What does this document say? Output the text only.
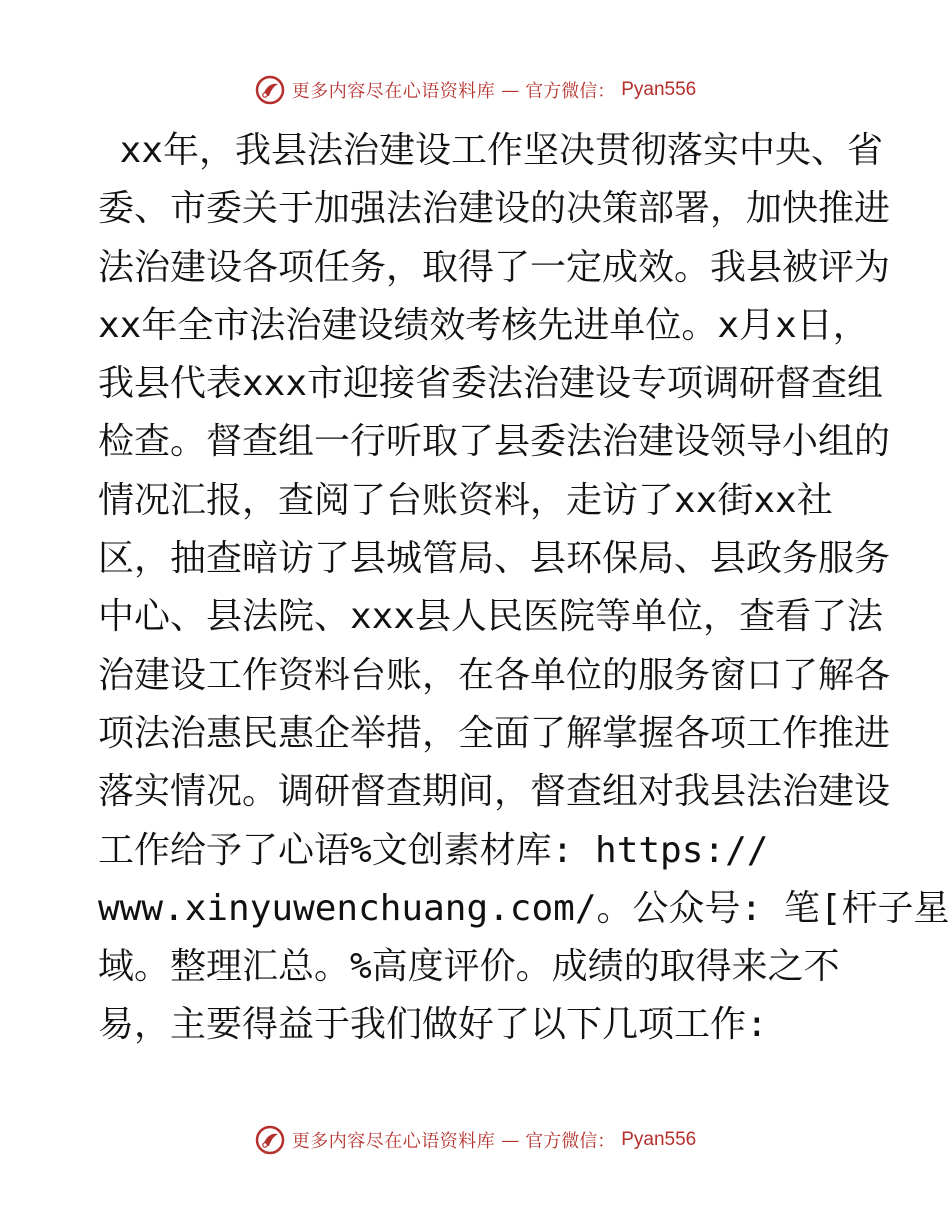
更多内容尽在心语资料库 — 官方微信： Pyan556
xx年，我县法治建设工作坚决贯彻落实中央、省
委、市委关于加强法治建设的决策部署，加快推进
法治建设各项任务，取得了一定成效。我县被评为
xx年全市法治建设绩效考核先进单位。x月x日，
我县代表xxx市迎接省委法治建设专项调研督查组
检查。督查组一行听取了县委法治建设领导小组的
情况汇报，查阅了台账资料，走访了xx街xx社
区，抽查暗访了县城管局、县环保局、县政务服务
中心、县法院、xxx县人民医院等单位，查看了法
治建设工作资料台账，在各单位的服务窗口了解各
项法治惠民惠企举措，全面了解掌握各项工作推进
落实情况。调研督查期间，督查组对我县法治建设
工作给予了心语%文创素材库: https://
www.xinyuwenchuang.com/。公众号: 笔[杆子星
域。整理汇总。%高度评价。成绩的取得来之不
易，主要得益于我们做好了以下几项工作:
更多内容尽在心语资料库 — 官方微信： Pyan556
